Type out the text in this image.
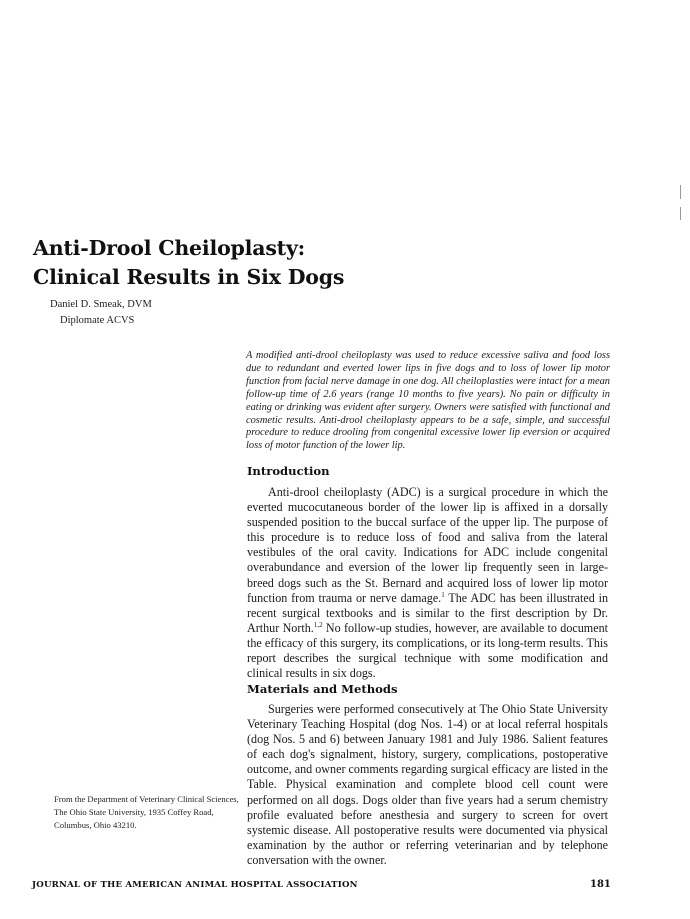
Anti-Drool Cheiloplasty:
Clinical Results in Six Dogs
Daniel D. Smeak, DVM
Diplomate ACVS

A modified anti-drool cheiloplasty was used to reduce excessive saliva and food loss due to redundant and everted lower lips in five dogs and to loss of lower lip motor function from facial nerve damage in one dog. All cheiloplasties were intact for a mean follow-up time of 2.6 years (range 10 months to five years). No pain or difficulty in eating or drinking was evident after surgery. Owners were satisfied with functional and cosmetic results. Anti-drool cheiloplasty appears to be a safe, simple, and successful procedure to reduce drooling from congenital excessive lower lip eversion or acquired loss of motor function of the lower lip.

Introduction

Anti-drool cheiloplasty (ADC) is a surgical procedure in which the everted mucocutaneous border of the lower lip is affixed in a dorsally suspended position to the buccal surface of the upper lip. The purpose of this procedure is to reduce loss of food and saliva from the lateral vestibules of the oral cavity. Indications for ADC include congenital overabundance and eversion of the lower lip frequently seen in large-breed dogs such as the St. Bernard and acquired loss of lower lip motor function from trauma or nerve damage.$^1$ The ADC has been illustrated in recent surgical textbooks and is similar to the first description by Dr. Arthur North.$^{1,2}$ No follow-up studies, however, are available to document the efficacy of this surgery, its complications, or its long-term results. This report describes the surgical technique with some modification and clinical results in six dogs.

Materials and Methods

Surgeries were performed consecutively at The Ohio State University Veterinary Teaching Hospital (dog Nos. 1-4) or at local referral hospitals (dog Nos. 5 and 6) between January 1981 and July 1986. Salient features of each dog's signalment, history, surgery, complications, postoperative outcome, and owner comments regarding surgical efficacy are listed in the Table. Physical examination and complete blood cell count were performed on all dogs. Dogs older than five years had a serum chemistry profile evaluated before anesthesia and surgery to screen for overt systemic disease. All postoperative results were documented via physical examination by the author or referring veterinarian and by telephone conversation with the owner.

From the Department of Veterinary Clinical Sciences, The Ohio State University, 1935 Coffey Road, Columbus, Ohio 43210.

JOURNAL OF THE AMERICAN ANIMAL HOSPITAL ASSOCIATION	181
